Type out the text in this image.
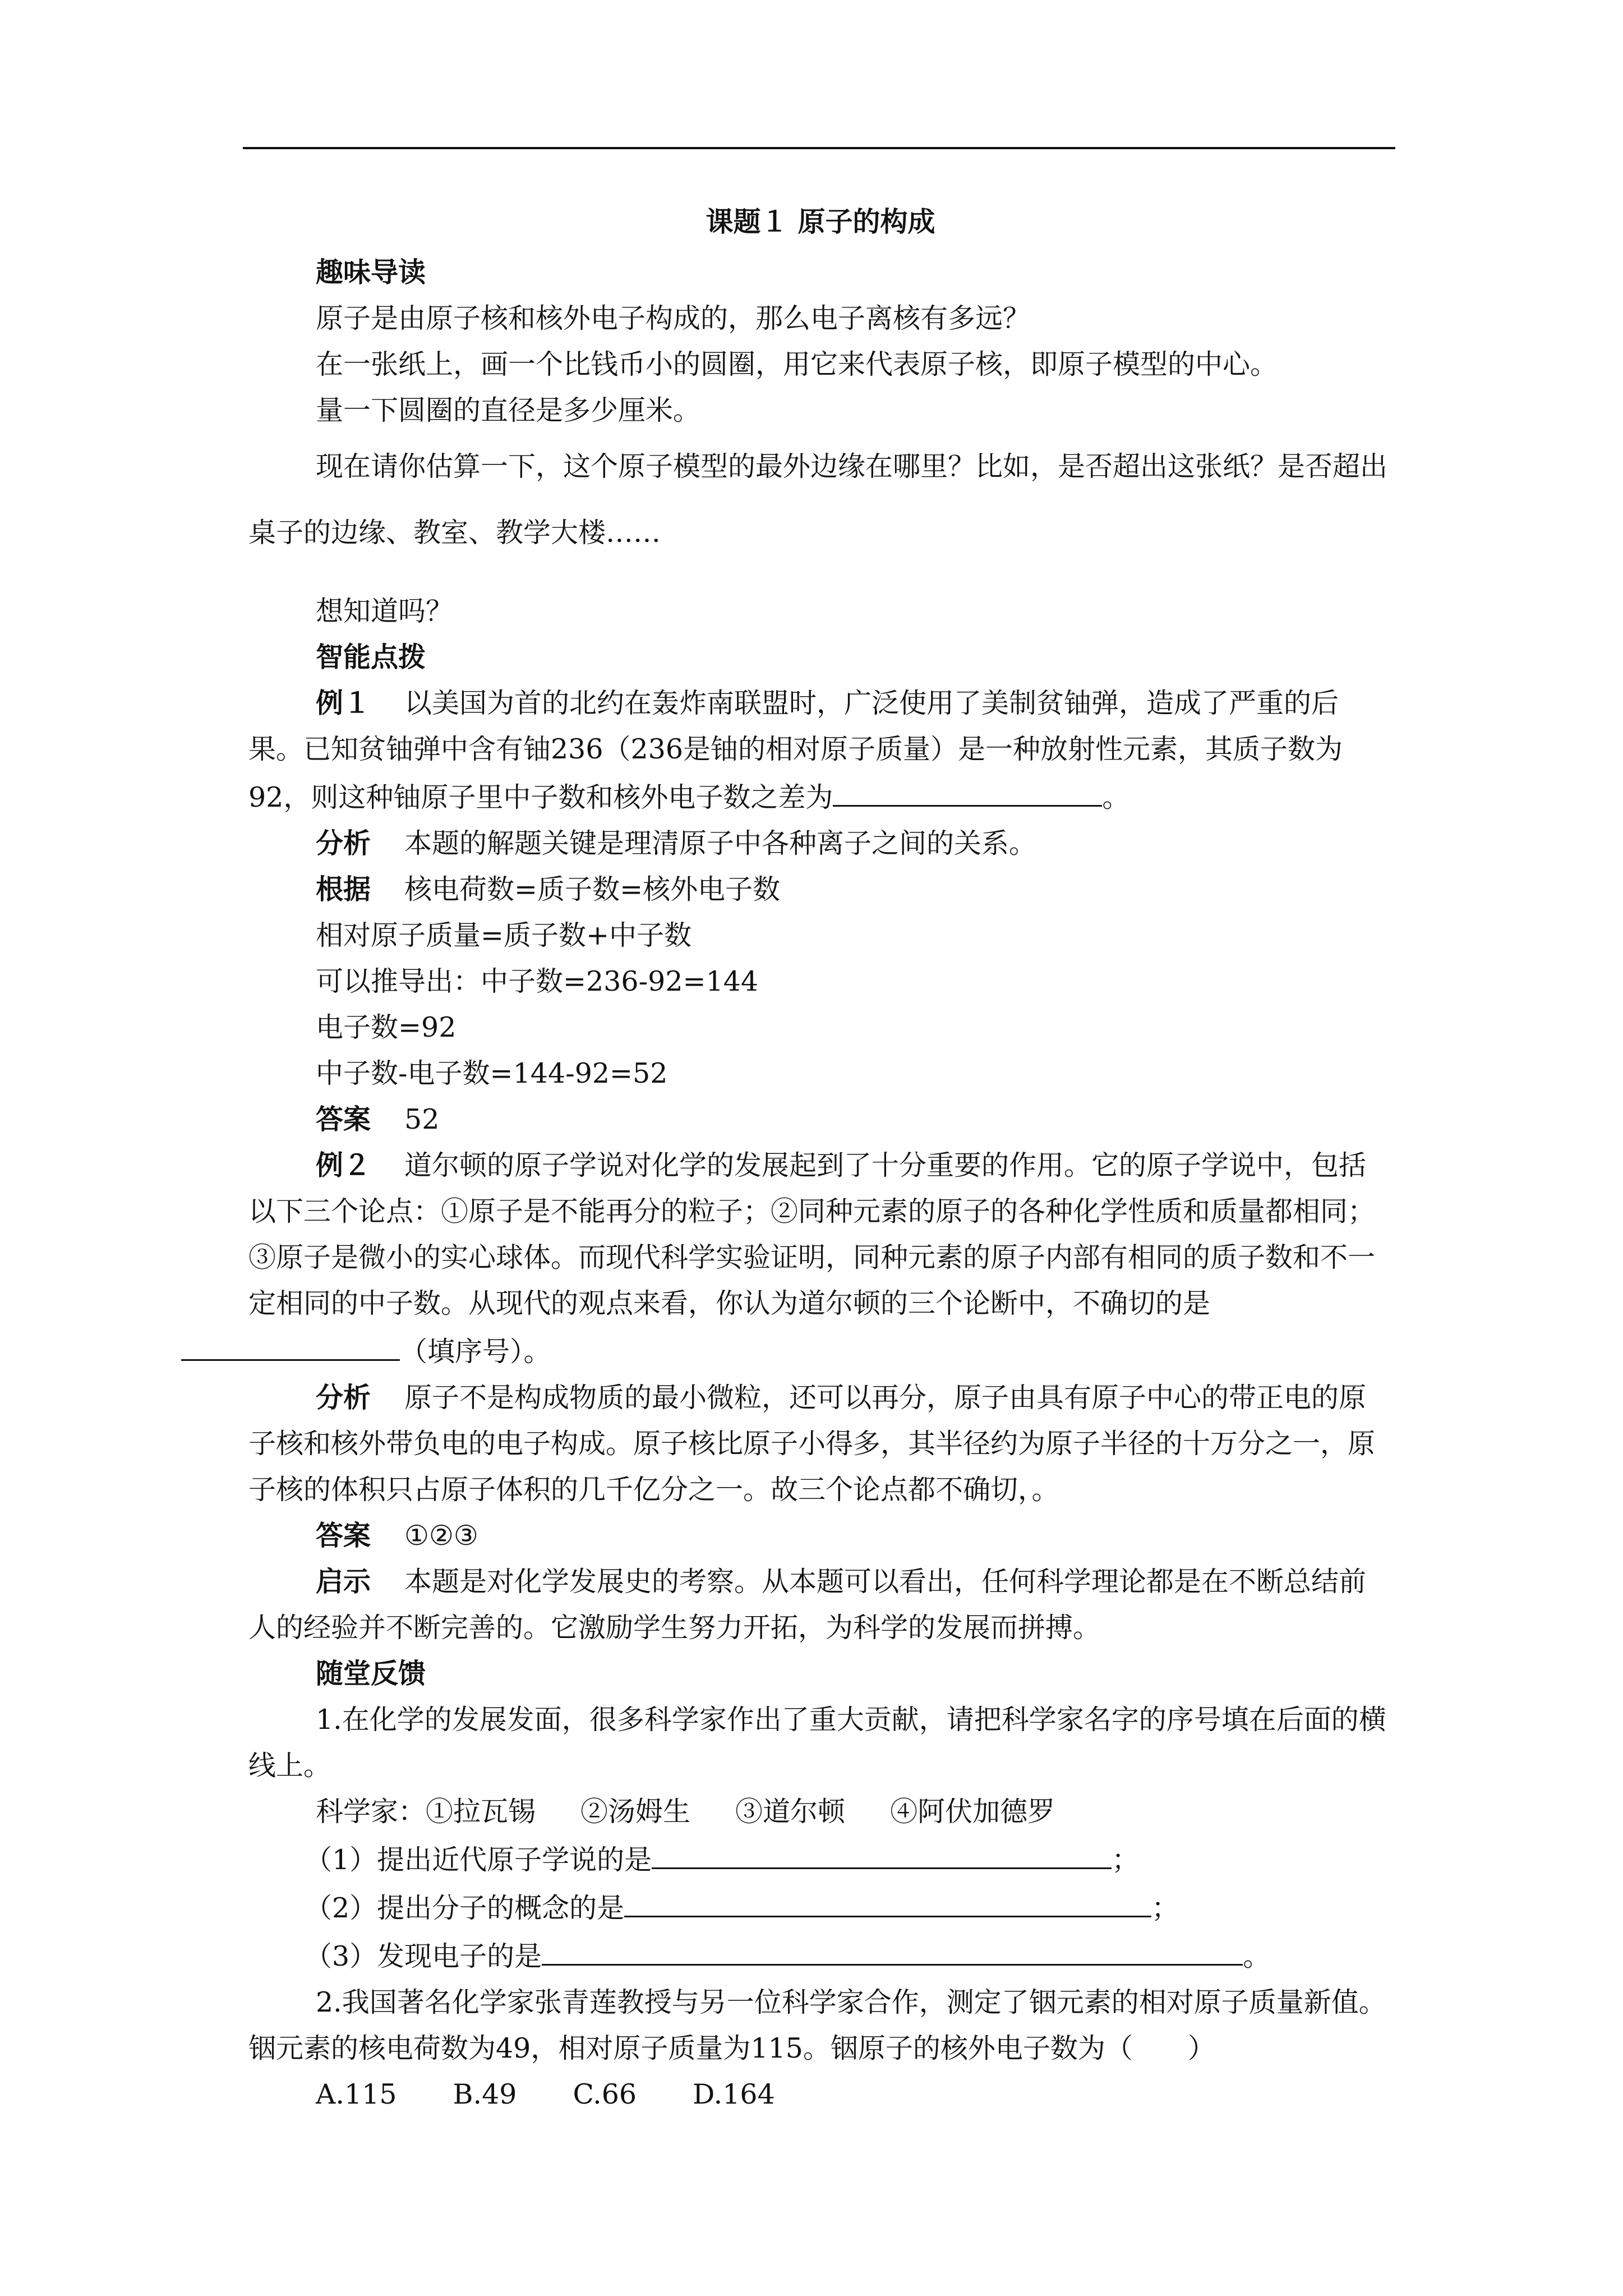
课题１ 原子的构成

趣味导读

原子是由原子核和核外电子构成的，那么电子离核有多远？

在一张纸上，画一个比钱币小的圆圈，用它来代表原子核，即原子模型的中心。

量一下圆圈的直径是多少厘米。

现在请你估算一下，这个原子模型的最外边缘在哪里？比如，是否超出这张纸？是否超出桌子的边缘、教室、教学大楼……

想知道吗？

智能点拨

例１ 以美国为首的北约在轰炸南联盟时，广泛使用了美制贫铀弹，造成了严重的后果。已知贫铀弹中含有铀236（236是铀的相对原子质量）是一种放射性元素，其质子数为92，则这种铀原子里中子数和核外电子数之差为	。

分析 本题的解题关键是理清原子中各种离子之间的关系。

根据 核电荷数=质子数=核外电子数

相对原子质量=质子数+中子数

可以推导出：中子数=236-92=144

电子数=92

中子数-电子数=144-92=52

答案 52

例２ 道尔顿的原子学说对化学的发展起到了十分重要的作用。它的原子学说中，包括以下三个论点：①原子是不能再分的粒子；②同种元素的原子的各种化学性质和质量都相同；③原子是微小的实心球体。而现代科学实验证明，同种元素的原子内部有相同的质子数和不一定相同的中子数。从现代的观点来看，你认为道尔顿的三个论断中，不确切的是
（填序号）。

分析 原子不是构成物质的最小微粒，还可以再分，原子由具有原子中心的带正电的原子核和核外带负电的电子构成。原子核比原子小得多，其半径约为原子半径的十万分之一，原子核的体积只占原子体积的几千亿分之一。故三个论点都不确切，。

答案 ①②③

启示 本题是对化学发展史的考察。从本题可以看出，任何科学理论都是在不断总结前人的经验并不断完善的。它激励学生努力开拓，为科学的发展而拼搏。

随堂反馈

1.在化学的发展发面，很多科学家作出了重大贡献，请把科学家名字的序号填在后面的横线上。

科学家：①拉瓦锡 ②汤姆生 ③道尔顿 ④阿伏加德罗

（1）提出近代原子学说的是	；

（2）提出分子的概念的是	；

（3）发现电子的是	。

2.我国著名化学家张青莲教授与另一位科学家合作，测定了铟元素的相对原子质量新值。铟元素的核电荷数为49，相对原子质量为115。铟原子的核外电子数为（　　）

A.115 B.49 C.66 D.164
